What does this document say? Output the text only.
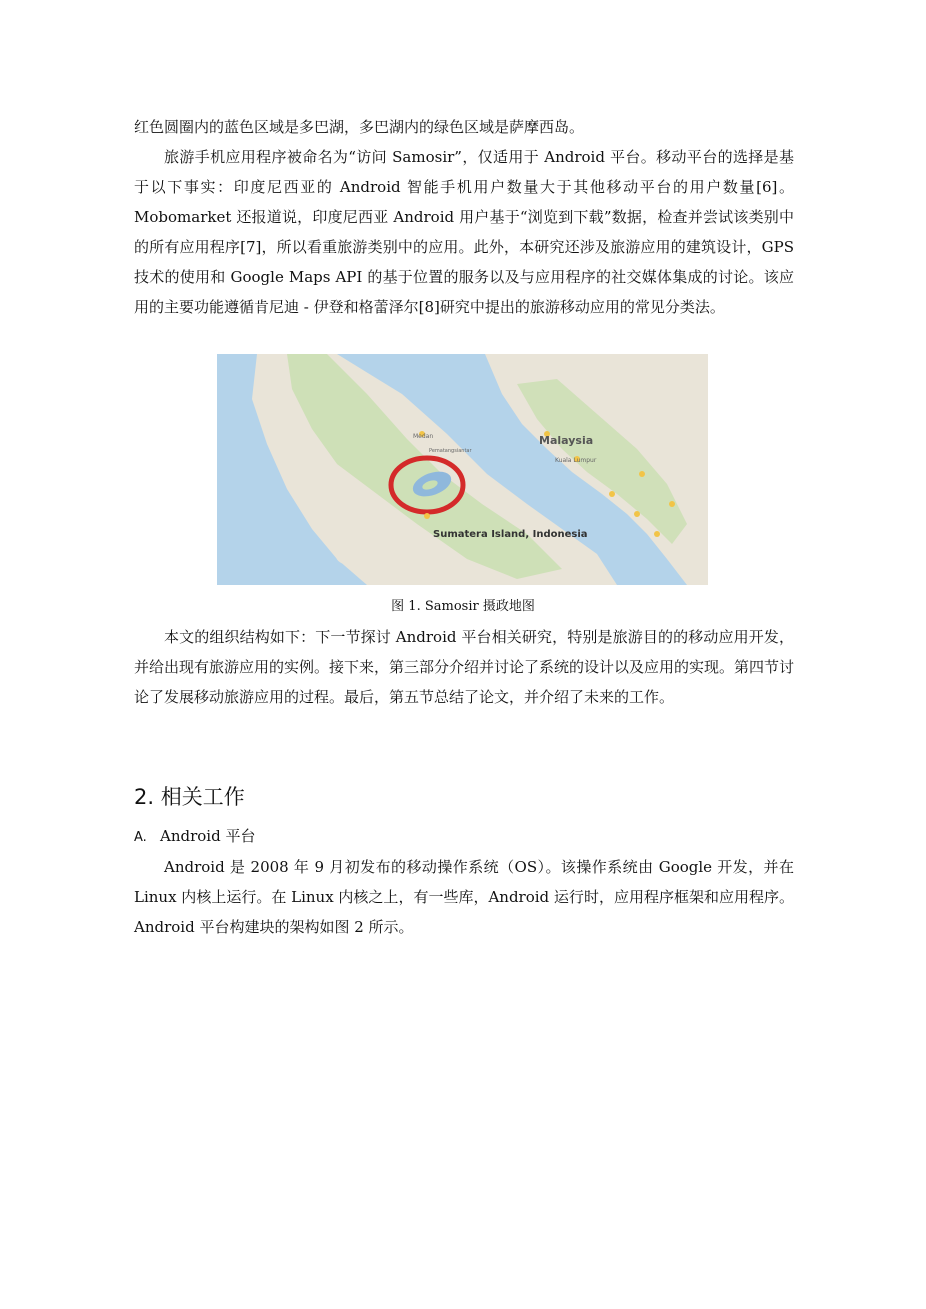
红色圆圈内的蓝色区域是多巴湖，多巴湖内的绿色区域是萨摩西岛。

旅游手机应用程序被命名为“访问 Samosir”，仅适用于 Android 平台。移动平台的选择是基于以下事实：印度尼西亚的 Android 智能手机用户数量大于其他移动平台的用户数量[6]。Mobomarket 还报道说，印度尼西亚 Android 用户基于“浏览到下载”数据，检查并尝试该类别中的所有应用程序[7]，所以看重旅游类别中的应用。此外，本研究还涉及旅游应用的建筑设计，GPS 技术的使用和 Google Maps API 的基于位置的服务以及与应用程序的社交媒体集成的讨论。该应用的主要功能遵循肯尼迪 - 伊登和格蕾泽尔[8]研究中提出的旅游移动应用的常见分类法。

Malaysia
Kuala Lumpur
Medan
Pematangsiantar
Sumatera Island, Indonesia
图 1. Samosir 摄政地图

本文的组织结构如下：下一节探讨 Android 平台相关研究，特别是旅游目的的移动应用开发，并给出现有旅游应用的实例。接下来，第三部分介绍并讨论了系统的设计以及应用的实现。第四节讨论了发展移动旅游应用的过程。最后，第五节总结了论文，并介绍了未来的工作。

2. 相关工作
A. Android 平台

Android 是 2008 年 9 月初发布的移动操作系统（OS）。该操作系统由 Google 开发，并在 Linux 内核上运行。在 Linux 内核之上，有一些库，Android 运行时，应用程序框架和应用程序。Android 平台构建块的架构如图 2 所示。
